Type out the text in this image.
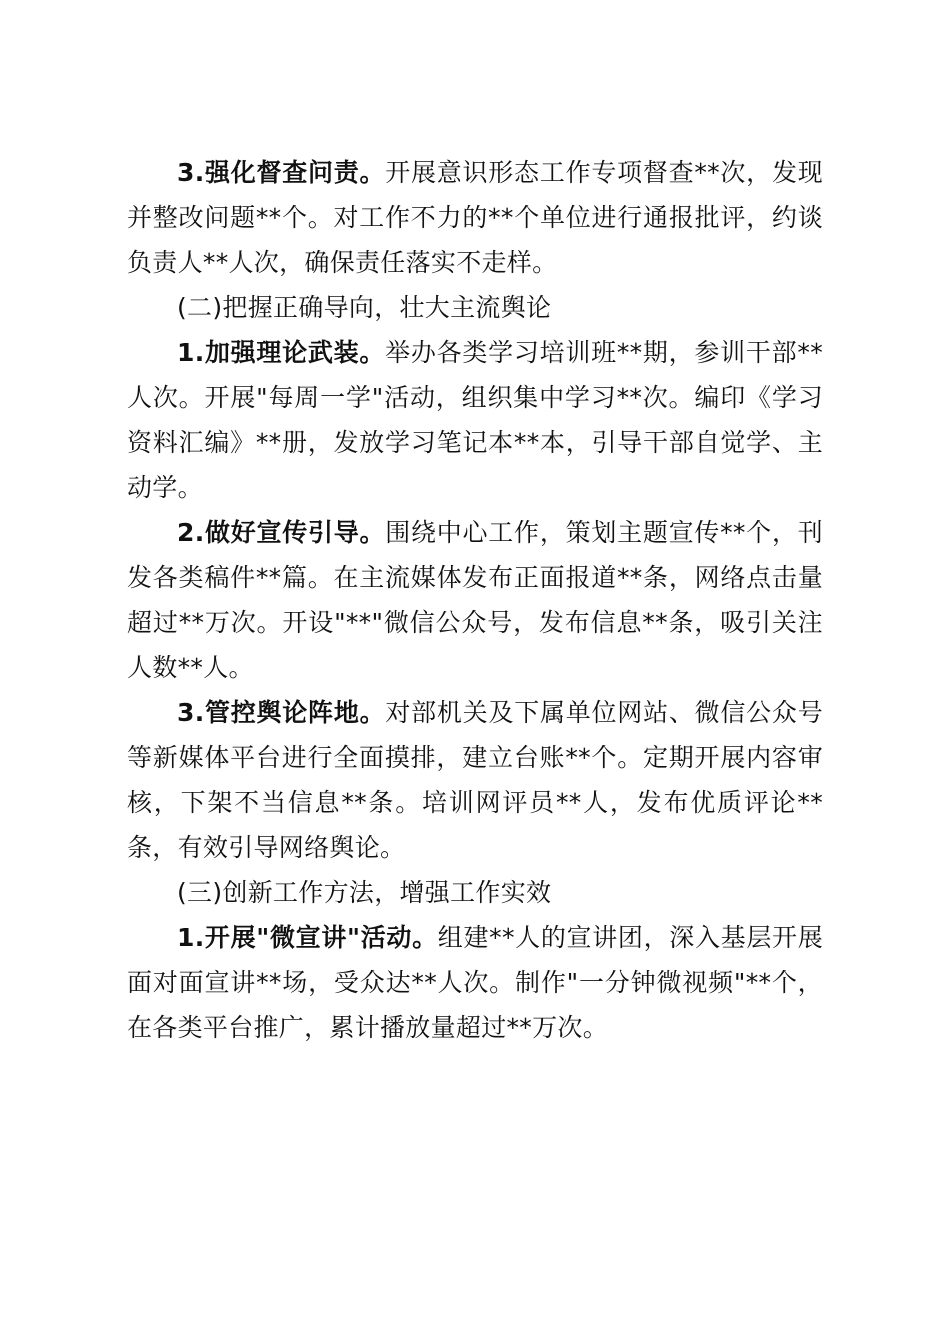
3.强化督查问责。开展意识形态工作专项督查**次，发现并整改问题**个。对工作不力的**个单位进行通报批评，约谈负责人**人次，确保责任落实不走样。

(二)把握正确导向，壮大主流舆论

1.加强理论武装。举办各类学习培训班**期，参训干部**人次。开展"每周一学"活动，组织集中学习**次。编印《学习资料汇编》**册，发放学习笔记本**本，引导干部自觉学、主动学。

2.做好宣传引导。围绕中心工作，策划主题宣传**个，刊发各类稿件**篇。在主流媒体发布正面报道**条，网络点击量超过**万次。开设"**"微信公众号，发布信息**条，吸引关注人数**人。

3.管控舆论阵地。对部机关及下属单位网站、微信公众号等新媒体平台进行全面摸排，建立台账**个。定期开展内容审核，下架不当信息**条。培训网评员**人，发布优质评论**条，有效引导网络舆论。

(三)创新工作方法，增强工作实效

1.开展"微宣讲"活动。组建**人的宣讲团，深入基层开展面对面宣讲**场，受众达**人次。制作"一分钟微视频"**个，在各类平台推广，累计播放量超过**万次。
